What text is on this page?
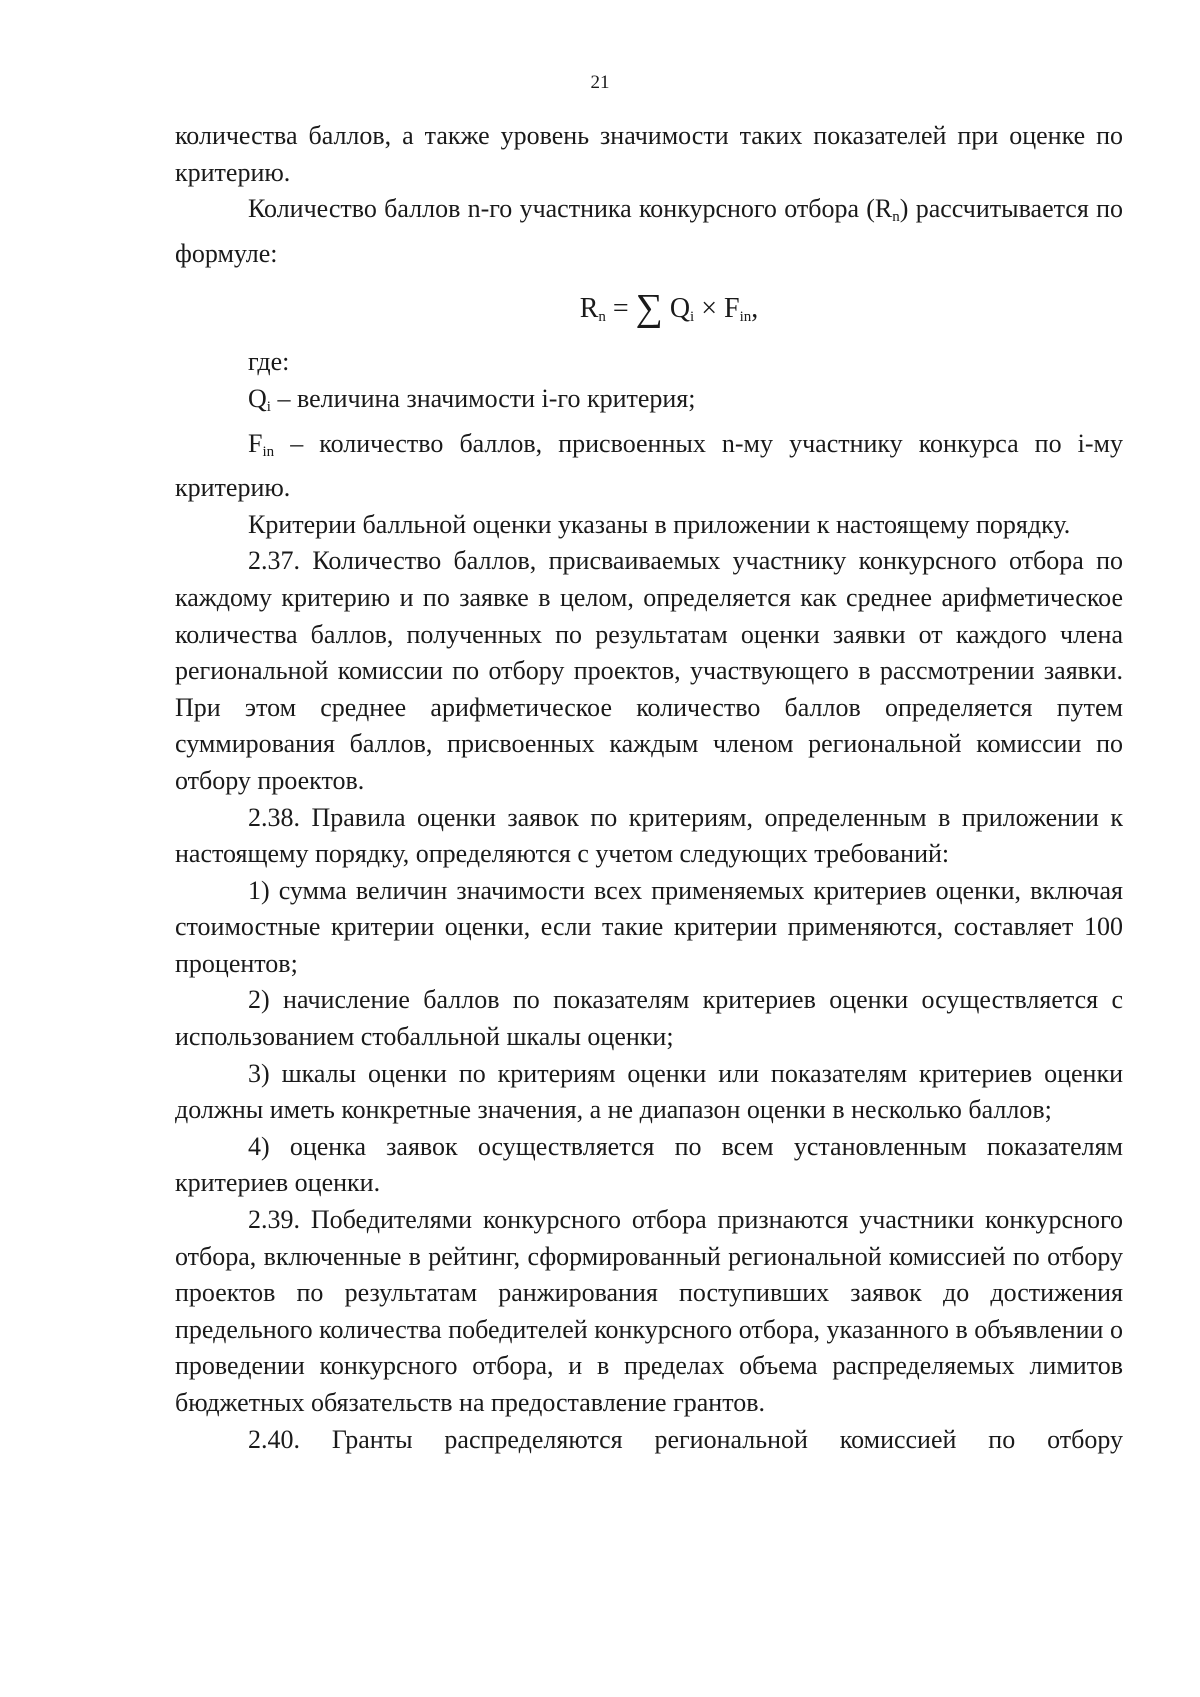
21

количества баллов, а также уровень значимости таких показателей при оценке по критерию.

Количество баллов n-го участника конкурсного отбора $(R_n)$ рассчитывается по формуле:

$R_n$ = ∑ $Q_i \times F_{in}$,

где:

$Q_i$ – величина значимости i-го критерия;

$F_{in}$ – количество баллов, присвоенных n-му участнику конкурса по i-му критерию.

Критерии балльной оценки указаны в приложении к настоящему порядку.

2.37. Количество баллов, присваиваемых участнику конкурсного отбора по каждому критерию и по заявке в целом, определяется как среднее арифметическое количества баллов, полученных по результатам оценки заявки от каждого члена региональной комиссии по отбору проектов, участвующего в рассмотрении заявки. При этом среднее арифметическое количество баллов определяется путем суммирования баллов, присвоенных каждым членом региональной комиссии по отбору проектов.

2.38. Правила оценки заявок по критериям, определенным в приложении к настоящему порядку, определяются с учетом следующих требований:

1) сумма величин значимости всех применяемых критериев оценки, включая стоимостные критерии оценки, если такие критерии применяются, составляет 100 процентов;

2) начисление баллов по показателям критериев оценки осуществляется с использованием стобалльной шкалы оценки;

3) шкалы оценки по критериям оценки или показателям критериев оценки должны иметь конкретные значения, а не диапазон оценки в несколько баллов;

4) оценка заявок осуществляется по всем установленным показателям критериев оценки.

2.39. Победителями конкурсного отбора признаются участники конкурсного отбора, включенные в рейтинг, сформированный региональной комиссией по отбору проектов по результатам ранжирования поступивших заявок до достижения предельного количества победителей конкурсного отбора, указанного в объявлении о проведении конкурсного отбора, и в пределах объема распределяемых лимитов бюджетных обязательств на предоставление грантов.

2.40. Гранты распределяются региональной комиссией по отбору
